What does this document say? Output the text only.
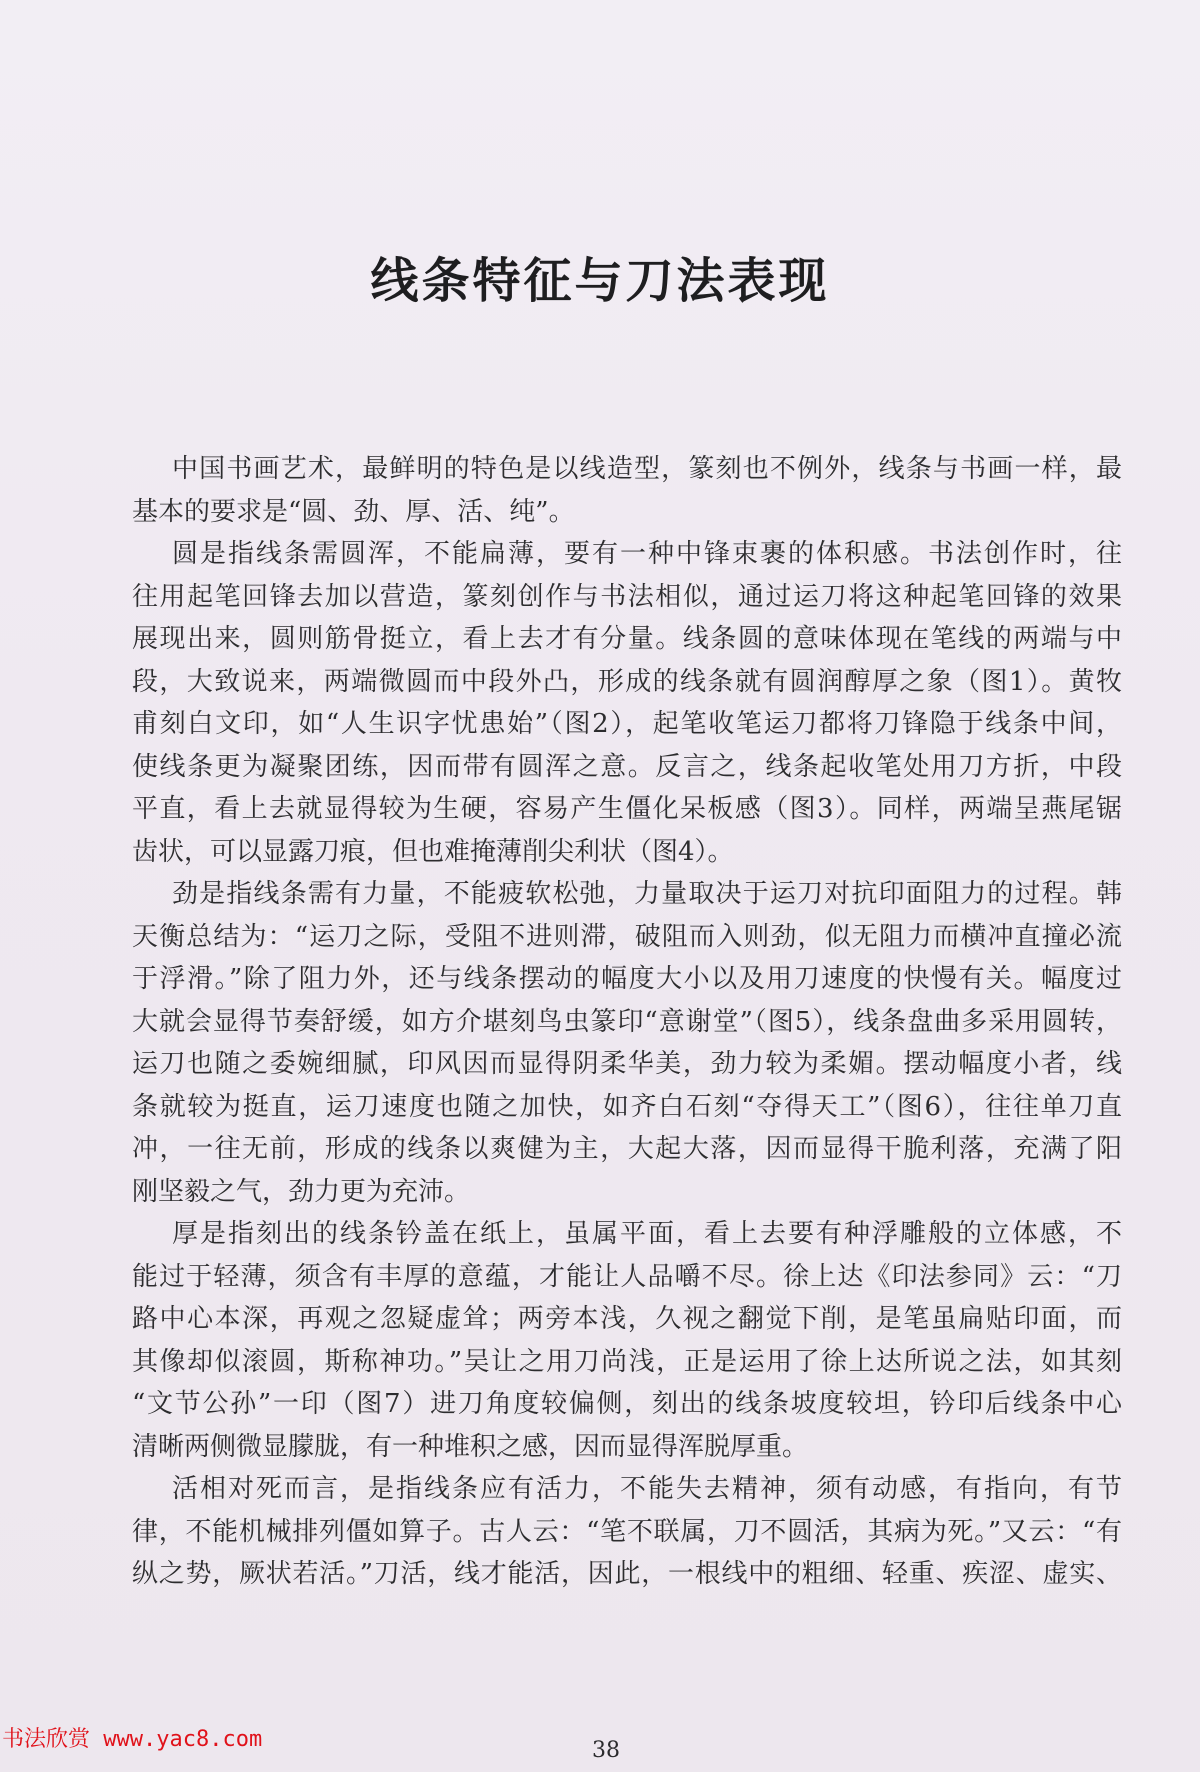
线条特征与刀法表现
中国书画艺术，最鲜明的特色是以线造型，篆刻也不例外，线条与书画一样，最
基本的要求是“圆、劲、厚、活、纯”。
圆是指线条需圆浑，不能扁薄，要有一种中锋束裹的体积感。书法创作时，往
往用起笔回锋去加以营造，篆刻创作与书法相似，通过运刀将这种起笔回锋的效果
展现出来，圆则筋骨挺立，看上去才有分量。线条圆的意味体现在笔线的两端与中
段，大致说来，两端微圆而中段外凸，形成的线条就有圆润醇厚之象（图1）。黄牧
甫刻白文印，如“人生识字忧患始”（图2），起笔收笔运刀都将刀锋隐于线条中间，
使线条更为凝聚团练，因而带有圆浑之意。反言之，线条起收笔处用刀方折，中段
平直，看上去就显得较为生硬，容易产生僵化呆板感（图3）。同样，两端呈燕尾锯
齿状，可以显露刀痕，但也难掩薄削尖利状（图4）。
劲是指线条需有力量，不能疲软松弛，力量取决于运刀对抗印面阻力的过程。韩
天衡总结为：“运刀之际，受阻不进则滞，破阻而入则劲，似无阻力而横冲直撞必流
于浮滑。”除了阻力外，还与线条摆动的幅度大小以及用刀速度的快慢有关。幅度过
大就会显得节奏舒缓，如方介堪刻鸟虫篆印“意谢堂”（图5），线条盘曲多采用圆转，
运刀也随之委婉细腻，印风因而显得阴柔华美，劲力较为柔媚。摆动幅度小者，线
条就较为挺直，运刀速度也随之加快，如齐白石刻“夺得天工”（图6），往往单刀直
冲，一往无前，形成的线条以爽健为主，大起大落，因而显得干脆利落，充满了阳
刚坚毅之气，劲力更为充沛。
厚是指刻出的线条钤盖在纸上，虽属平面，看上去要有种浮雕般的立体感，不
能过于轻薄，须含有丰厚的意蕴，才能让人品嚼不尽。徐上达《印法参同》云：“刀
路中心本深，再观之忽疑虚耸；两旁本浅，久视之翻觉下削，是笔虽扁贴印面，而
其像却似滚圆，斯称神功。”吴让之用刀尚浅，正是运用了徐上达所说之法，如其刻
“文节公孙”一印（图7）进刀角度较偏侧，刻出的线条坡度较坦，钤印后线条中心
清晰两侧微显朦胧，有一种堆积之感，因而显得浑脱厚重。
活相对死而言，是指线条应有活力，不能失去精神，须有动感，有指向，有节
律，不能机械排列僵如算子。古人云：“笔不联属，刀不圆活，其病为死。”又云：“有
纵之势，厥状若活。”刀活，线才能活，因此，一根线中的粗细、轻重、疾涩、虚实、
书法欣赏 www.yac8.com	38
